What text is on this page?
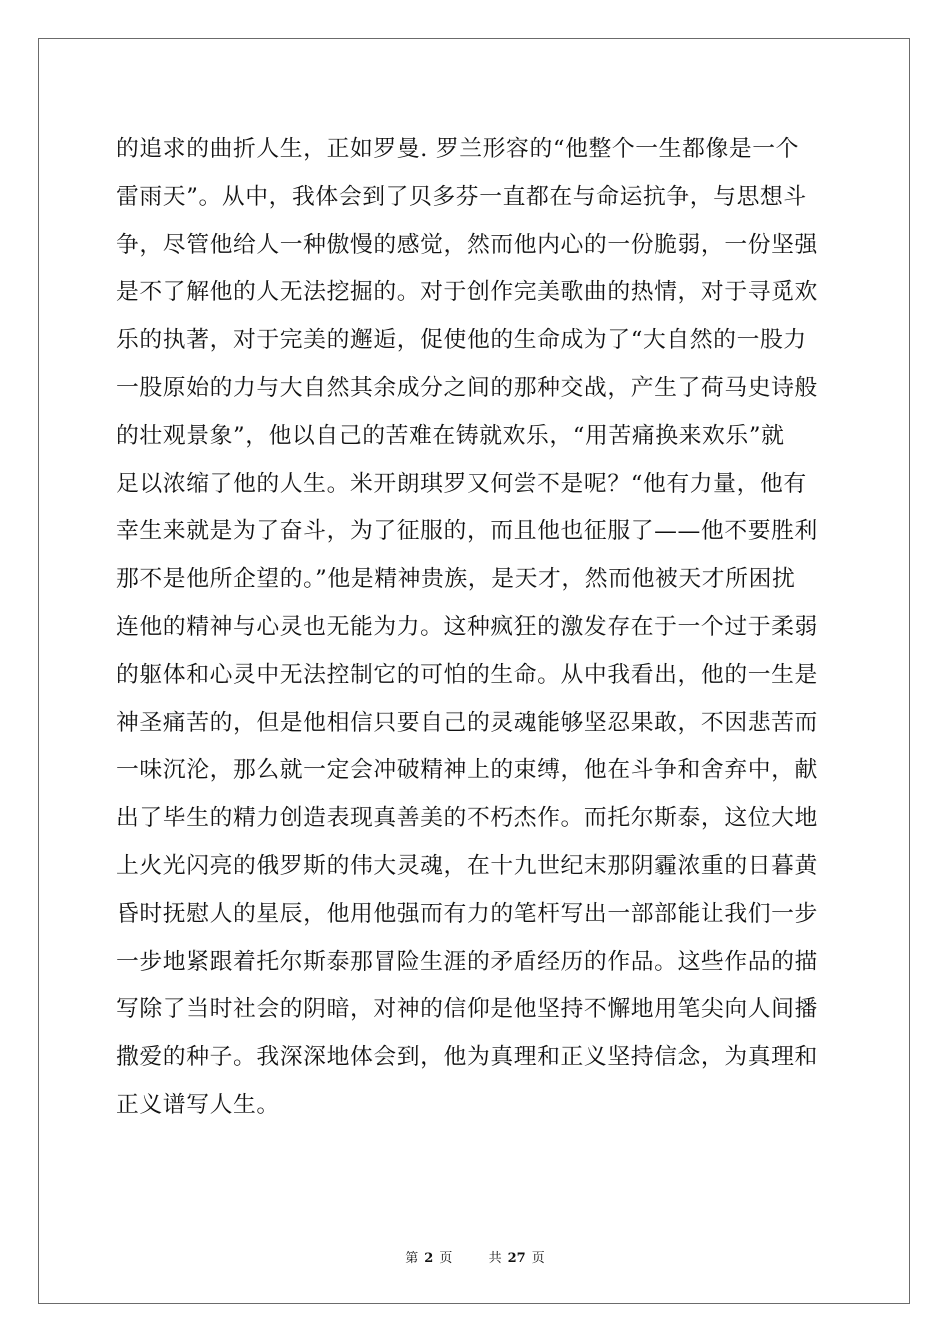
的追求的曲折人生，正如罗曼. 罗兰形容的“他整个一生都像是一个
雷雨天”。从中，我体会到了贝多芬一直都在与命运抗争，与思想斗
争，尽管他给人一种傲慢的感觉，然而他内心的一份脆弱，一份坚强
是不了解他的人无法挖掘的。对于创作完美歌曲的热情，对于寻觅欢
乐的执著，对于完美的邂逅，促使他的生命成为了“大自然的一股力
一股原始的力与大自然其余成分之间的那种交战，产生了荷马史诗般
的壮观景象”，他以自己的苦难在铸就欢乐，“用苦痛换来欢乐”就
足以浓缩了他的人生。米开朗琪罗又何尝不是呢？“他有力量，他有
幸生来就是为了奋斗，为了征服的，而且他也征服了——他不要胜利
那不是他所企望的。”他是精神贵族，是天才，然而他被天才所困扰
连他的精神与心灵也无能为力。这种疯狂的激发存在于一个过于柔弱
的躯体和心灵中无法控制它的可怕的生命。从中我看出，他的一生是
神圣痛苦的，但是他相信只要自己的灵魂能够坚忍果敢，不因悲苦而
一味沉沦，那么就一定会冲破精神上的束缚，他在斗争和舍弃中，献
出了毕生的精力创造表现真善美的不朽杰作。而托尔斯泰，这位大地
上火光闪亮的俄罗斯的伟大灵魂，在十九世纪末那阴霾浓重的日暮黄
昏时抚慰人的星辰，他用他强而有力的笔杆写出一部部能让我们一步
一步地紧跟着托尔斯泰那冒险生涯的矛盾经历的作品。这些作品的描
写除了当时社会的阴暗，对神的信仰是他坚持不懈地用笔尖向人间播
撒爱的种子。我深深地体会到，他为真理和正义坚持信念，为真理和
正义谱写人生。
第 2 页	共 27 页
